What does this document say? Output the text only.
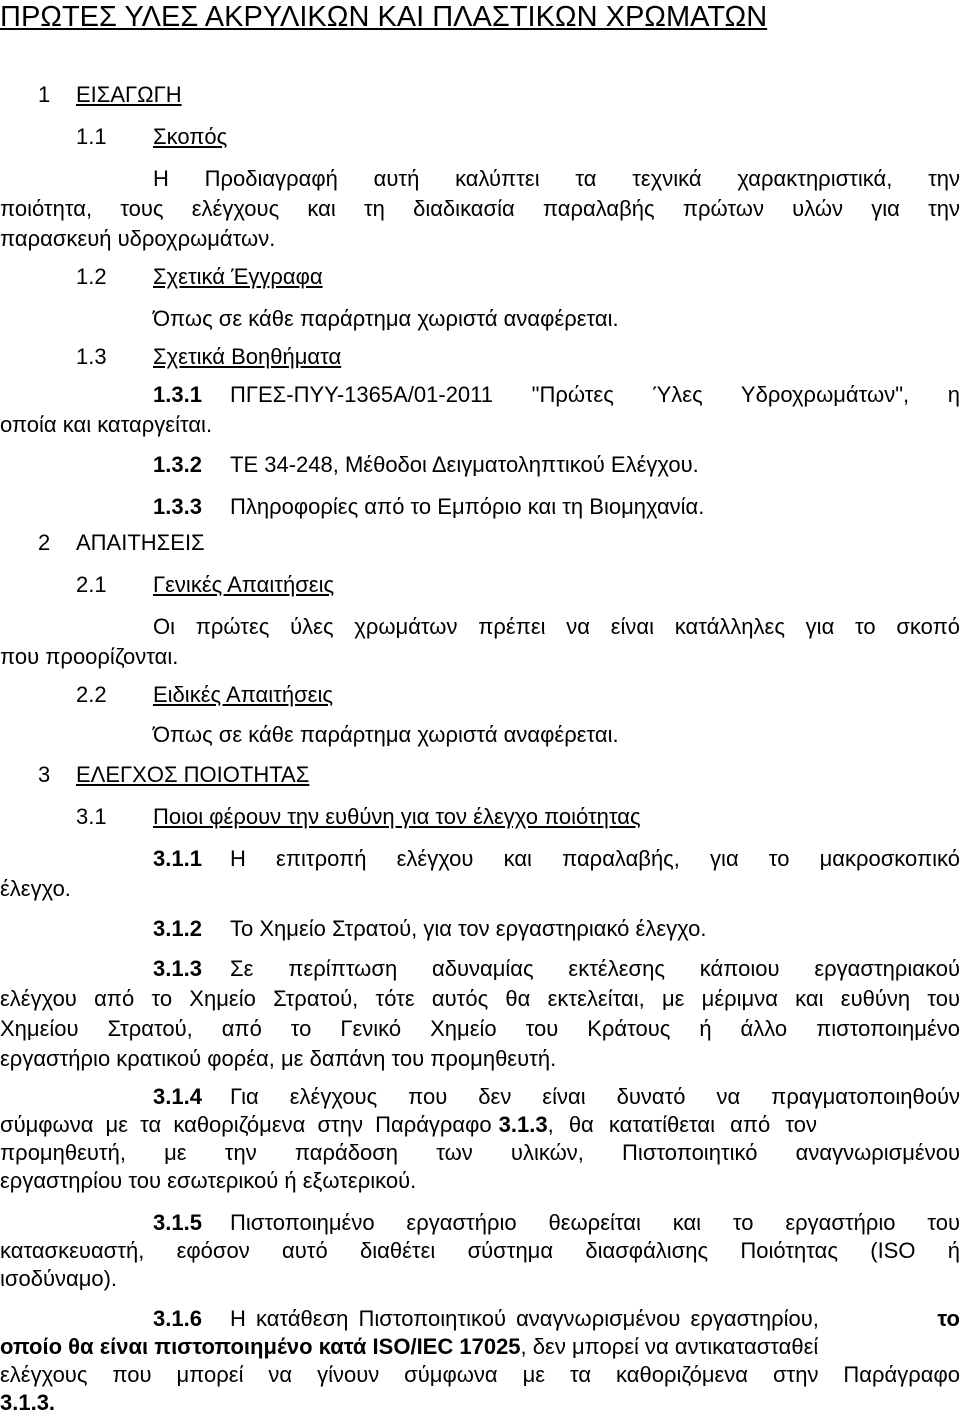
ΠΡΩΤΕΣ ΥΛΕΣ ΑΚΡΥΛΙΚΩΝ ΚΑΙ ΠΛΑΣΤΙΚΩΝ ΧΡΩΜΑΤΩΝ
1 ΕΙΣΑΓΩΓΗ
1.1 Σκοπός
Η Προδιαγραφή αυτή καλύπτει τα τεχνικά χαρακτηριστικά, την
ποιότητα, τους ελέγχους και τη διαδικασία παραλαβής πρώτων υλών για την
παρασκευή υδροχρωμάτων.
1.2 Σχετικά Έγγραφα
Όπως σε κάθε παράρτημα χωριστά αναφέρεται.
1.3 Σχετικά Βοηθήματα
1.3.1 ΠΓΕΣ-ΠΥΥ-1365Α/01-2011 "Πρώτες Ύλες Υδροχρωμάτων", η
οποία και καταργείται.
1.3.2 ΤΕ 34-248, Μέθοδοι Δειγματοληπτικού Ελέγχου.
1.3.3 Πληροφορίες από το Εμπόριο και τη Βιομηχανία.
2 ΑΠΑΙΤΗΣΕΙΣ
2.1 Γενικές Απαιτήσεις
Οι πρώτες ύλες χρωμάτων πρέπει να είναι κατάλληλες για το σκοπό
που προορίζονται.
2.2 Ειδικές Απαιτήσεις
Όπως σε κάθε παράρτημα χωριστά αναφέρεται.
3 ΕΛΕΓΧΟΣ ΠΟΙΟΤΗΤΑΣ
3.1 Ποιοι φέρουν την ευθύνη για τον έλεγχο ποιότητας
3.1.1 Η επιτροπή ελέγχου και παραλαβής, για το μακροσκοπικό
έλεγχο.
3.1.2 Το Χημείο Στρατού, για τον εργαστηριακό έλεγχο.
3.1.3 Σε περίπτωση αδυναμίας εκτέλεσης κάποιου εργαστηριακού
ελέγχου από το Χημείο Στρατού, τότε αυτός θα εκτελείται, με μέριμνα και ευθύνη του
Χημείου Στρατού, από το Γενικό Χημείο του Κράτους ή άλλο πιστοποιημένο
εργαστήριο κρατικού φορέα, με δαπάνη του προμηθευτή.
3.1.4 Για ελέγχους που δεν είναι δυνατό να πραγματοποιηθούν
σύμφωνα με τα καθοριζόμενα στην Παράγραφο 3.1.3 , θα κατατίθεται από τον
προμηθευτή, με την παράδοση των υλικών, Πιστοποιητικό αναγνωρισμένου
εργαστηρίου του εσωτερικού ή εξωτερικού.
3.1.5 Πιστοποιημένο εργαστήριο θεωρείται και το εργαστήριο του
κατασκευαστή, εφόσον αυτό διαθέτει σύστημα διασφάλισης Ποιότητας (ISO ή
ισοδύναμο).
3.1.6 Η κατάθεση Πιστοποιητικού αναγνωρισμένου εργαστηρίου,	το
οποίο θα είναι πιστοποιημένο κατά ISO/IEC 17025 , δεν μπορεί να αντικατασταθεί
ελέγχους που μπορεί να γίνουν σύμφωνα με τα καθοριζόμενα στην Παράγραφο
3.1.3.
